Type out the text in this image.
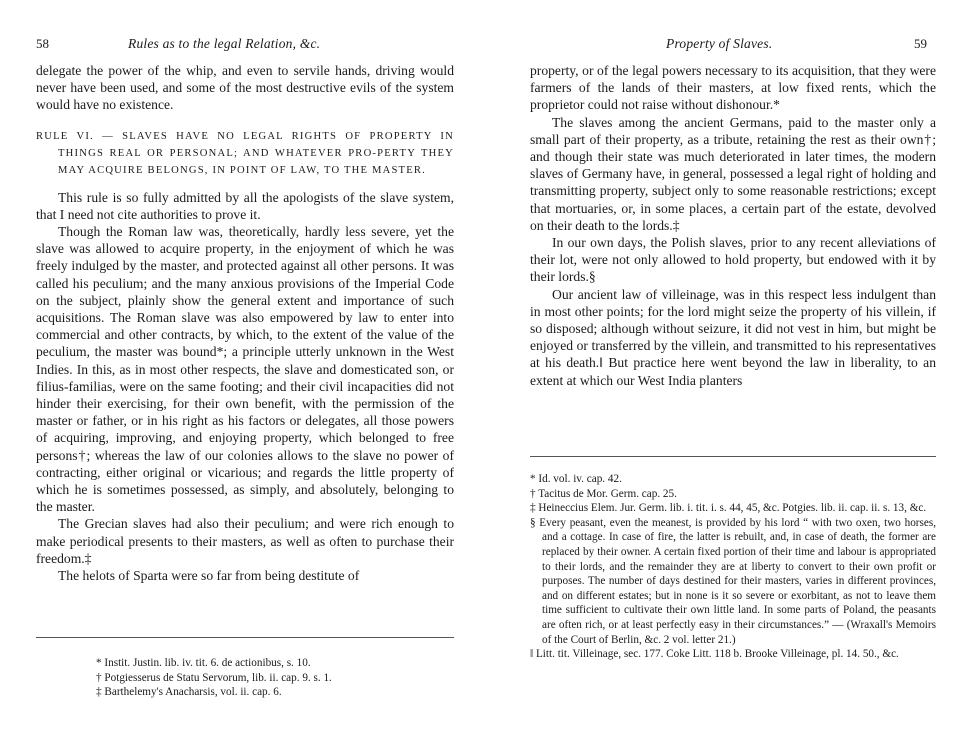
58	Rules as to the legal Relation, &c.

delegate the power of the whip, and even to servile hands, driving would never have been used, and some of the most destructive evils of the system would have no existence.

RULE VI. — SLAVES HAVE NO LEGAL RIGHTS OF PROPERTY IN THINGS REAL OR PERSONAL; AND WHATEVER PRO-PERTY THEY MAY ACQUIRE BELONGS, IN POINT OF LAW, TO THE MASTER.

This rule is so fully admitted by all the apologists of the slave system, that I need not cite authorities to prove it.

Though the Roman law was, theoretically, hardly less severe, yet the slave was allowed to acquire property, in the enjoyment of which he was freely indulged by the master, and protected against all other persons. It was called his peculium; and the many anxious provisions of the Imperial Code on the subject, plainly show the general extent and importance of such acquisitions. The Roman slave was also empowered by law to enter into commercial and other contracts, by which, to the extent of the value of the peculium, the master was bound*; a principle utterly unknown in the West Indies. In this, as in most other respects, the slave and domesticated son, or filius-familias, were on the same footing; and their civil incapacities did not hinder their exercising, for their own benefit, with the permission of the master or father, or in his right as his factors or delegates, all those powers of acquiring, improving, and enjoying property, which belonged to free persons†; whereas the law of our colonies allows to the slave no power of contracting, either original or vicarious; and regards the little property of which he is sometimes possessed, as simply, and absolutely, belonging to the master.

The Grecian slaves had also their peculium; and were rich enough to make periodical presents to their masters, as well as often to purchase their freedom.‡

The helots of Sparta were so far from being destitute of

* Instit. Justin. lib. iv. tit. 6. de actionibus, s. 10.

† Potgiesserus de Statu Servorum, lib. ii. cap. 9. s. 1.

‡ Barthelemy's Anacharsis, vol. ii. cap. 6.

Property of Slaves.	59

property, or of the legal powers necessary to its acquisition, that they were farmers of the lands of their masters, at low fixed rents, which the proprietor could not raise without dishonour.*

The slaves among the ancient Germans, paid to the master only a small part of their property, as a tribute, retaining the rest as their own†; and though their state was much deteriorated in later times, the modern slaves of Germany have, in general, possessed a legal right of holding and transmitting property, subject only to some reasonable restrictions; except that mortuaries, or, in some places, a certain part of the estate, devolved on their death to the lords.‡

In our own days, the Polish slaves, prior to any recent alleviations of their lot, were not only allowed to hold property, but endowed with it by their lords.§

Our ancient law of villeinage, was in this respect less indulgent than in most other points; for the lord might seize the property of his villein, if so disposed; although without seizure, it did not vest in him, but might be enjoyed or transferred by the villein, and transmitted to his representatives at his death.‖ But practice here went beyond the law in liberality, to an extent at which our West India planters

* Id. vol. iv. cap. 42.

† Tacitus de Mor. Germ. cap. 25.

‡ Heineccius Elem. Jur. Germ. lib. i. tit. i. s. 44, 45, &c. Potgies. lib. ii. cap. ii. s. 13, &c.

§ Every peasant, even the meanest, is provided by his lord “ with two oxen, two horses, and a cottage. In case of fire, the latter is rebuilt, and, in case of death, the former are replaced by their owner. A certain fixed portion of their time and labour is appropriated to their lords, and the remainder they are at liberty to convert to their own profit or purposes. The number of days destined for their masters, varies in different provinces, and on different estates; but in none is it so severe or exorbitant, as not to leave them time sufficient to cultivate their own little land. In some parts of Poland, the peasants are often rich, or at least perfectly easy in their circumstances.” — (Wraxall's Memoirs of the Court of Berlin, &c. 2 vol. letter 21.)

‖ Litt. tit. Villeinage, sec. 177. Coke Litt. 118 b. Brooke Villeinage, pl. 14. 50., &c.
